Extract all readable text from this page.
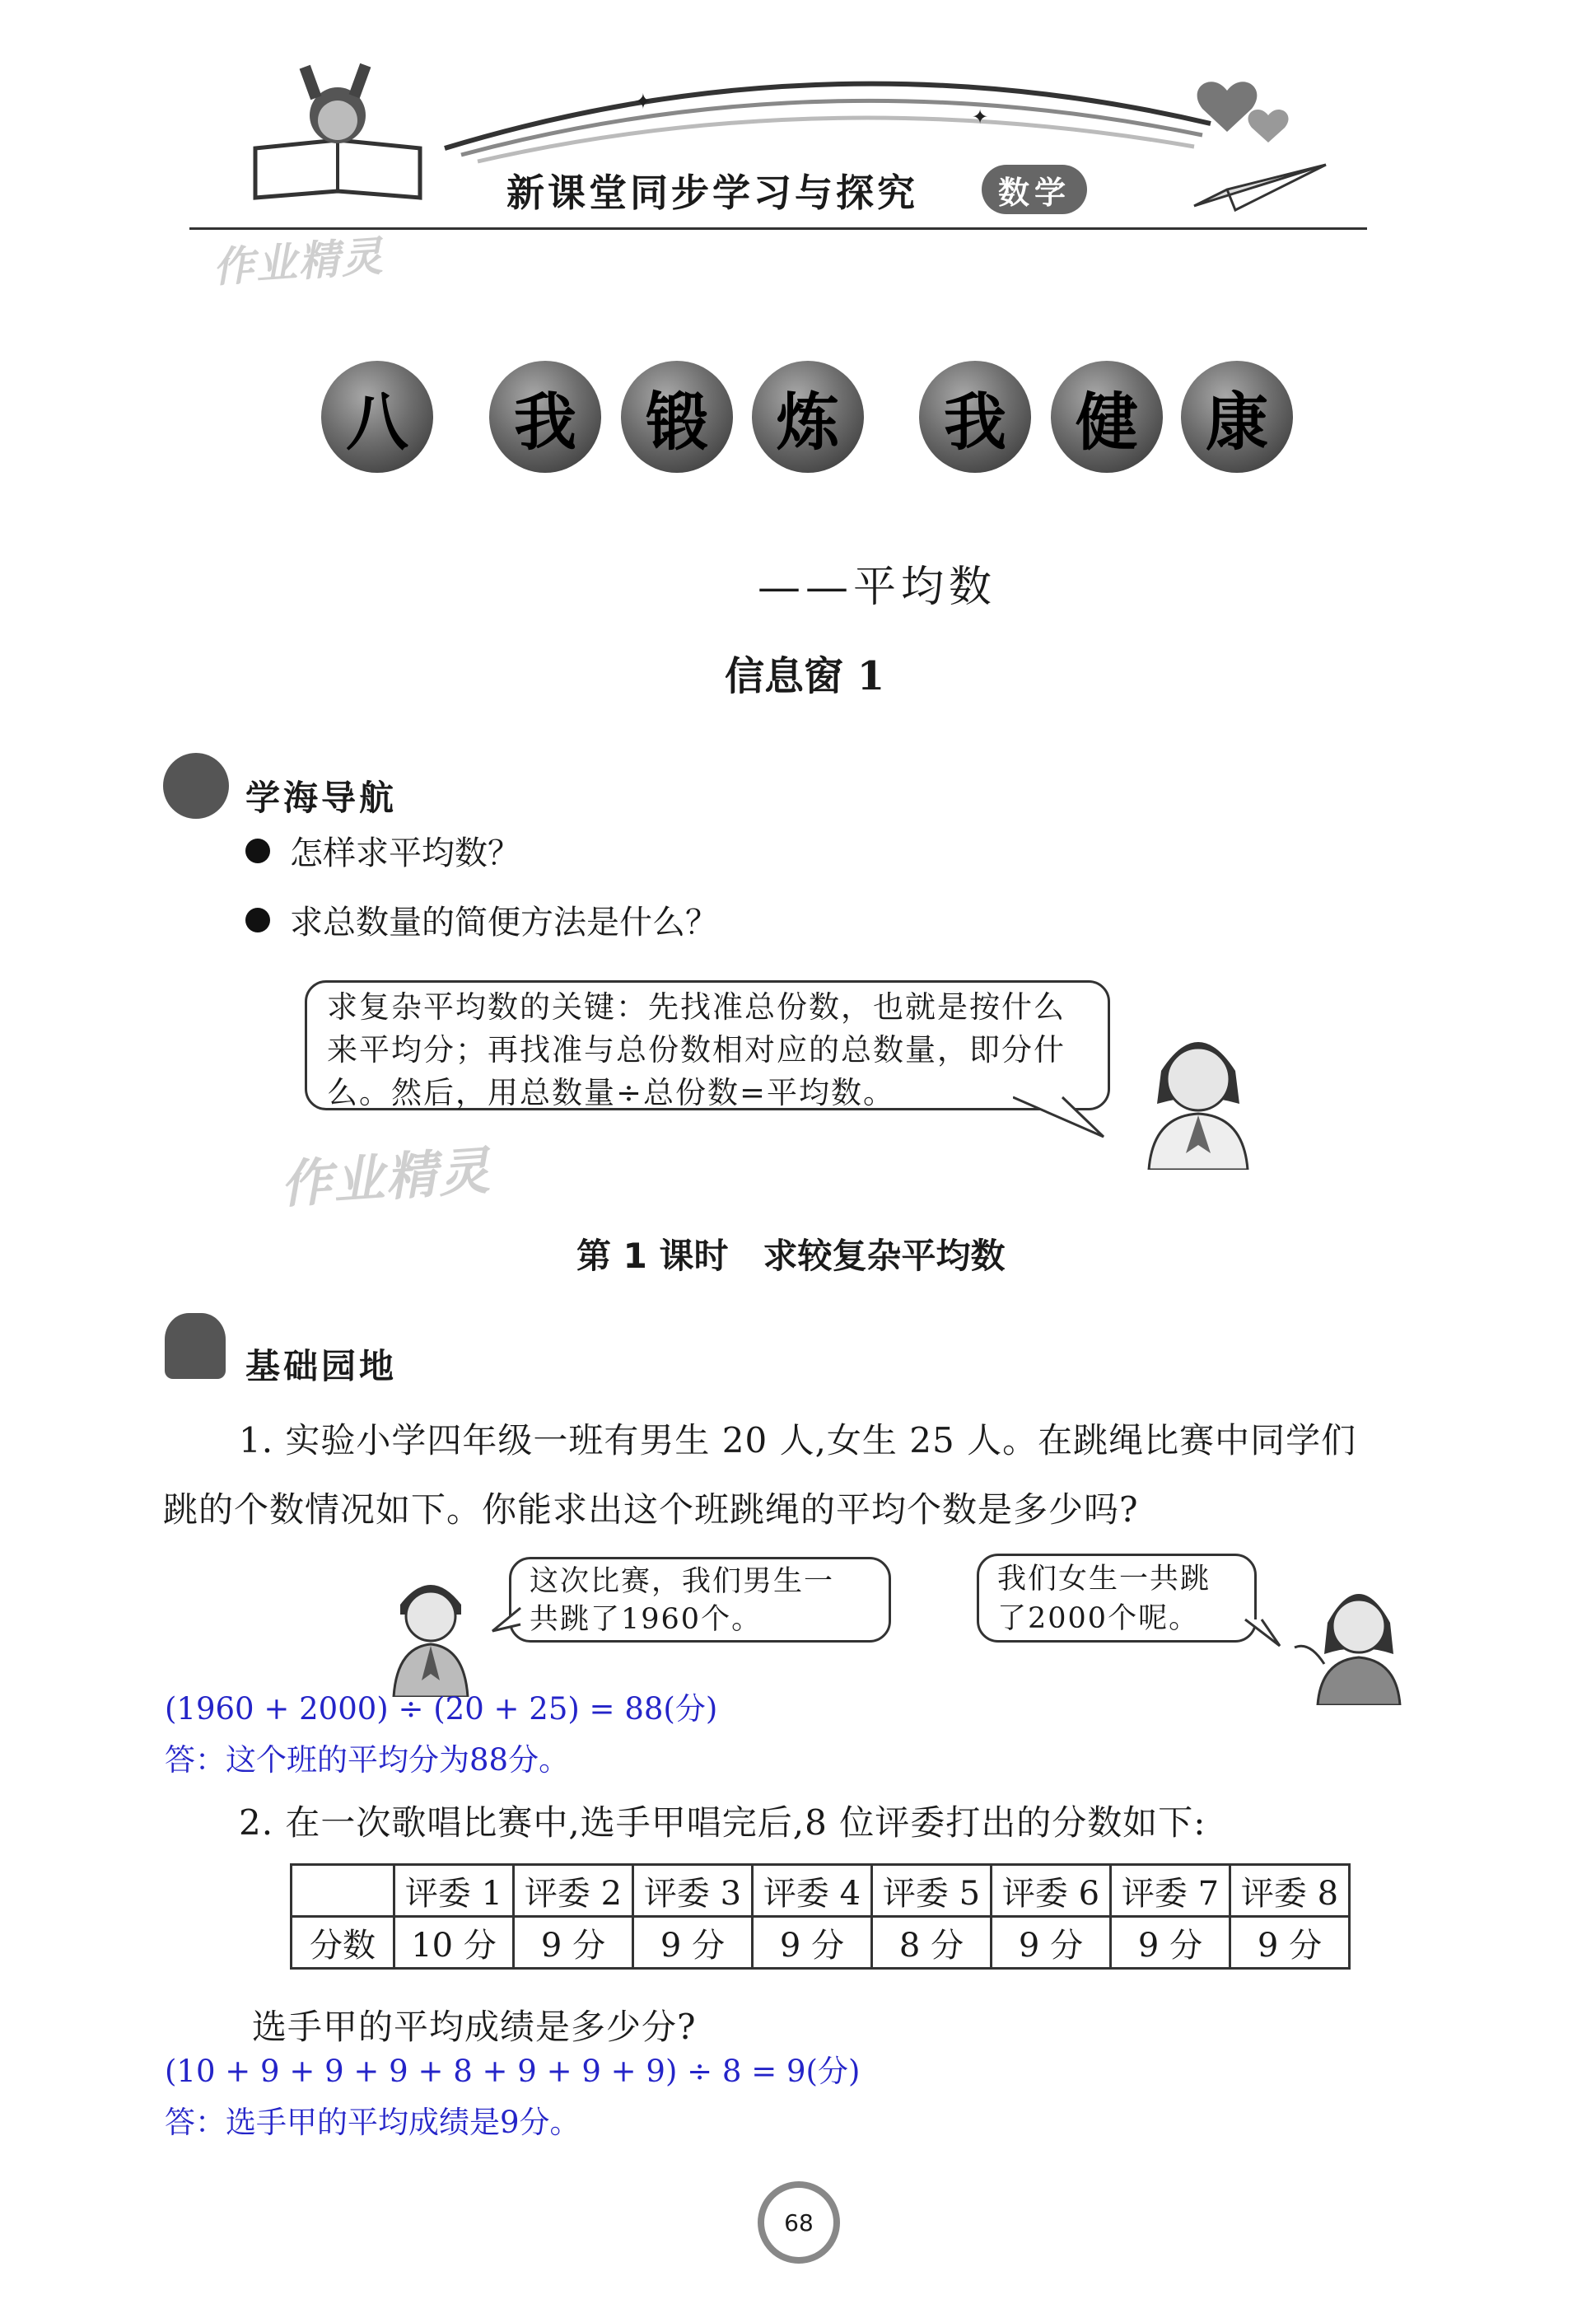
✦
✦
新课堂同步学习与探究	数学
作业精灵
八	我	锻	炼	我	健	康
——平均数
信息窗 1
学海导航
怎样求平均数？
求总数量的简便方法是什么？
求复杂平均数的关键：先找准总份数，也就是按什么
来平均分；再找准与总份数相对应的总数量，即分什
么。然后，用总数量÷总份数=平均数。
作业精灵
第 1 课时　求较复杂平均数
基础园地
1. 实验小学四年级一班有男生 20 人,女生 25 人。在跳绳比赛中同学们
跳的个数情况如下。你能求出这个班跳绳的平均个数是多少吗?
这次比赛，我们男生一
共跳了1960个。
我们女生一共跳
了2000个呢。
(1960 + 2000) ÷ (20 + 25) = 88(分)
答：这个班的平均分为88分。
2. 在一次歌唱比赛中,选手甲唱完后,8 位评委打出的分数如下:
	评委 1	评委 2	评委 3	评委 4	评委 5	评委 6	评委 7	评委 8
分数	10 分	9 分	9 分	9 分	8 分	9 分	9 分	9 分
选手甲的平均成绩是多少分?
(10 + 9 + 9 + 9 + 8 + 9 + 9 + 9) ÷ 8 = 9(分)
答：选手甲的平均成绩是9分。
68
